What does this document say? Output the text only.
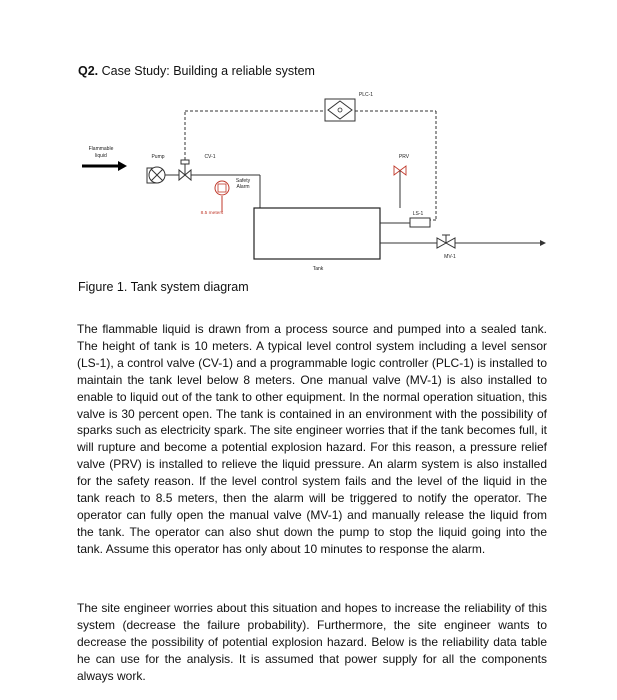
Q2. Case Study: Building a reliable system
Flammable
liquid	Pump	CV-1
PLC-1
Safety
Alarm
8.5 meters
Tank
PRV
LS-1
MV-1
Figure 1. Tank system diagram

The flammable liquid is drawn from a process source and pumped into a sealed tank. The height of tank is 10 meters. A typical level control system including a level sensor (LS-1), a control valve (CV-1) and a programmable logic controller (PLC-1) is installed to maintain the tank level below 8 meters. One manual valve (MV-1) is also installed to enable to liquid out of the tank to other equipment. In the normal operation situation, this valve is 30 percent open. The tank is contained in an environment with the possibility of sparks such as electricity spark. The site engineer worries that if the tank becomes full, it will rupture and become a potential explosion hazard. For this reason, a pressure relief valve (PRV) is installed to relieve the liquid pressure. An alarm system is also installed for the safety reason. If the level control system fails and the level of the liquid in the tank reach to 8.5 meters, then the alarm will be triggered to notify the operator. The operator can fully open the manual valve (MV-1) and manually release the liquid from the tank. The operator can also shut down the pump to stop the liquid going into the tank. Assume this operator has only about 10 minutes to response the alarm.

The site engineer worries about this situation and hopes to increase the reliability of this system (decrease the failure probability). Furthermore, the site engineer wants to decrease the possibility of potential explosion hazard. Below is the reliability data table he can use for the analysis. It is assumed that power supply for all the components always work.
